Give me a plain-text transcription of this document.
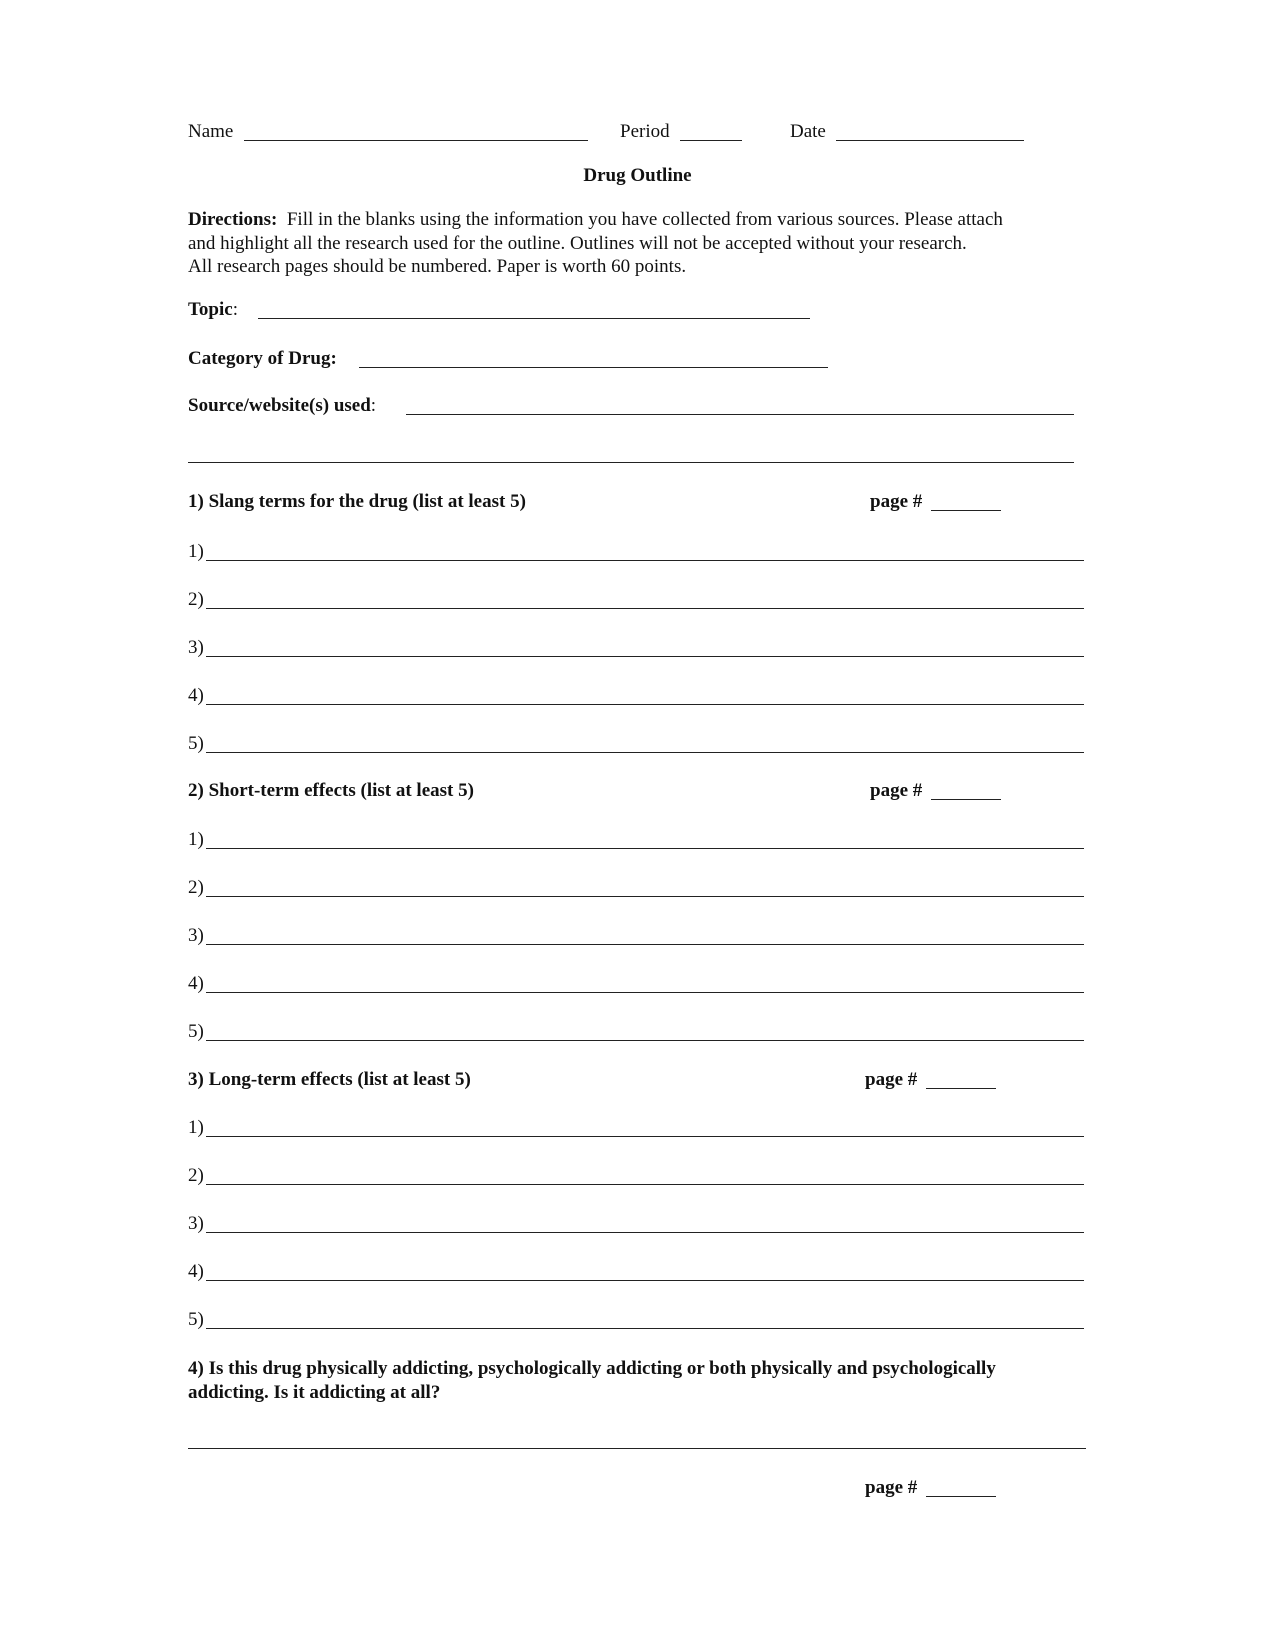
Name	Period	Date
Drug Outline
Directions: Fill in the blanks using the information you have collected from various sources. Please attach
and highlight all the research used for the outline. Outlines will not be accepted without your research.
All research pages should be numbered. Paper is worth 60 points.
Topic:
Category of Drug:
Source/website(s) used:
1) Slang terms for the drug (list at least 5)	page #
1)
2)
3)
4)
5)
2) Short-term effects (list at least 5)	page #
1)
2)
3)
4)
5)
3) Long-term effects (list at least 5)	page #
1)
2)
3)
4)
5)
4) Is this drug physically addicting, psychologically addicting or both physically and psychologically
addicting. Is it addicting at all?
page #
